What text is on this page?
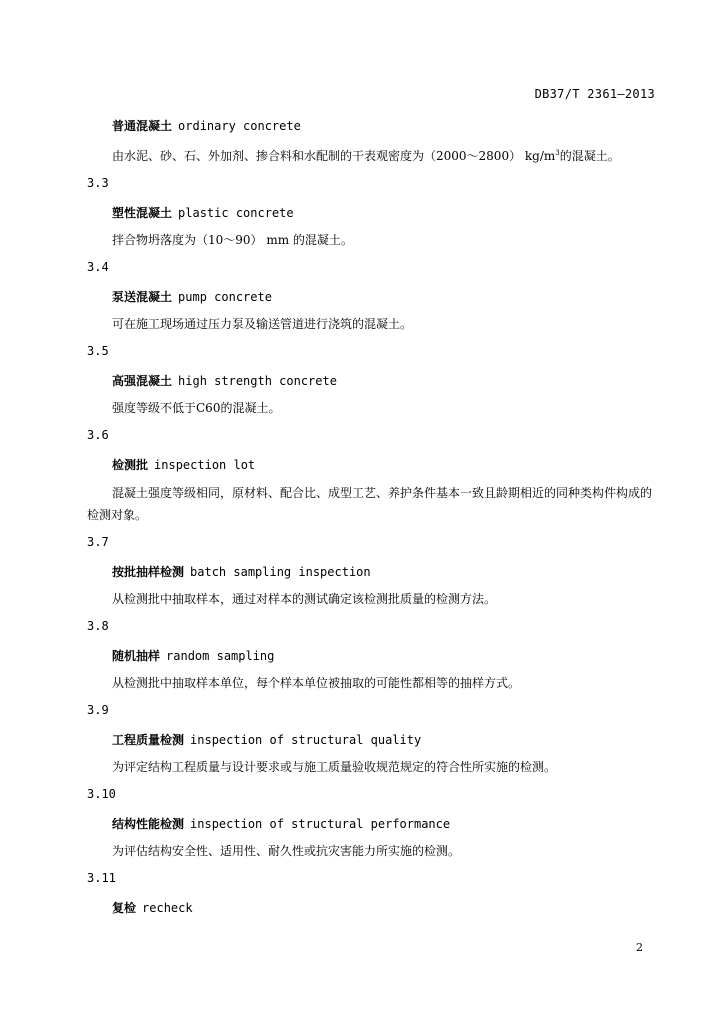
DB37/T 2361—2013
普通混凝土 ordinary concrete
由水泥、砂、石、外加剂、掺合料和水配制的干表观密度为（2000～2800） $kg/m^3$的混凝土。
3.3
塑性混凝土 plastic concrete
拌合物坍落度为（10～90） mm 的混凝土。
3.4
泵送混凝土 pump concrete
可在施工现场通过压力泵及输送管道进行浇筑的混凝土。
3.5
高强混凝土 high strength concrete
强度等级不低于C60的混凝土。
3.6
检测批 inspection lot
混凝土强度等级相同，原材料、配合比、成型工艺、养护条件基本一致且龄期相近的同种类构件构成的检测对象。
3.7
按批抽样检测 batch sampling inspection
从检测批中抽取样本，通过对样本的测试确定该检测批质量的检测方法。
3.8
随机抽样 random sampling
从检测批中抽取样本单位，每个样本单位被抽取的可能性都相等的抽样方式。
3.9
工程质量检测 inspection of structural quality
为评定结构工程质量与设计要求或与施工质量验收规范规定的符合性所实施的检测。
3.10
结构性能检测 inspection of structural performance
为评估结构安全性、适用性、耐久性或抗灾害能力所实施的检测。
3.11
复检 recheck
2
